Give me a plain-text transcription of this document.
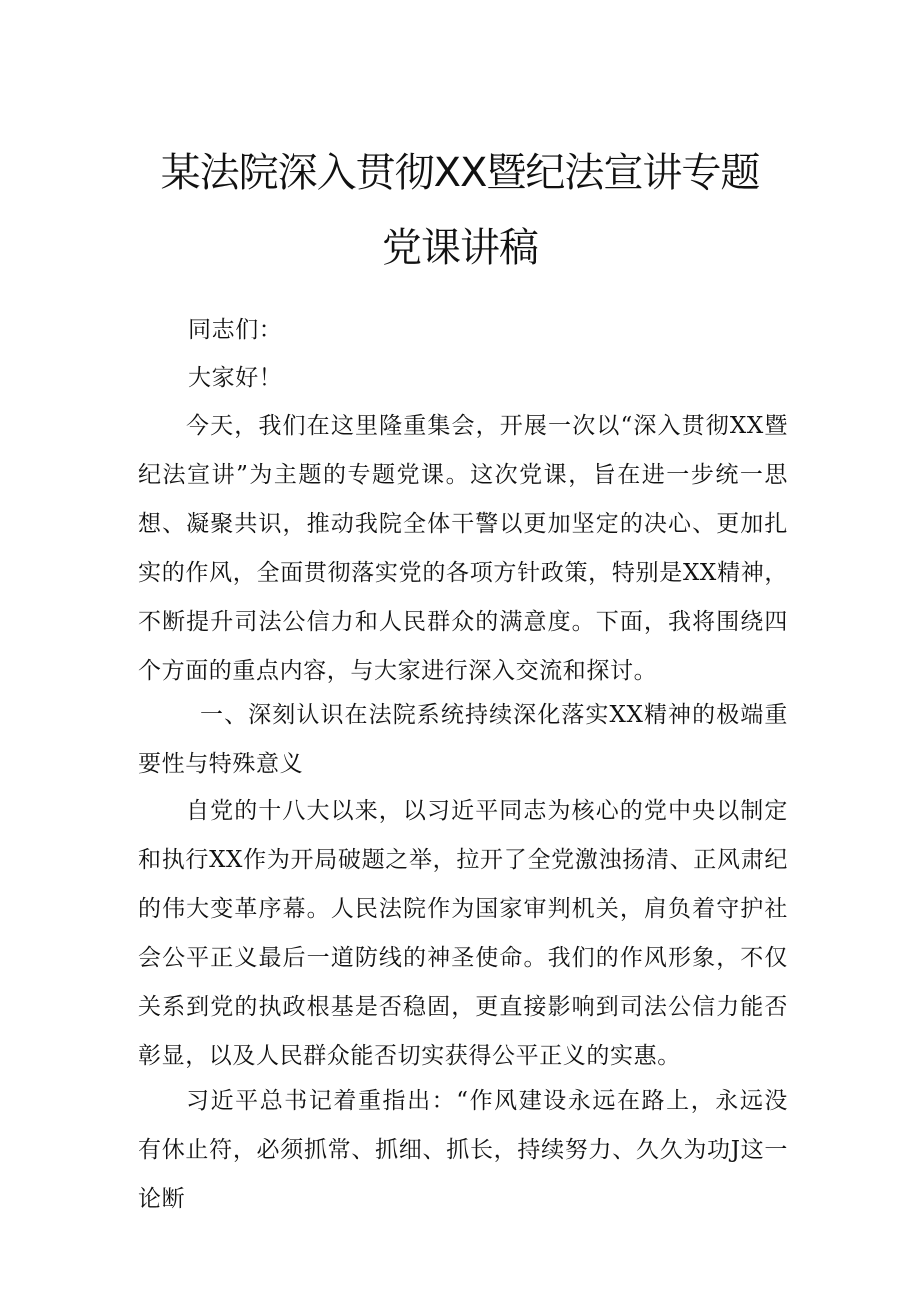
某法院深入贯彻XX暨纪法宣讲专题
党课讲稿
同志们：
大家好！

今天，我们在这里隆重集会，开展一次以“深入贯彻XX暨纪法宣讲”为主题的专题党课。这次党课，旨在进一步统一思想、凝聚共识，推动我院全体干警以更加坚定的决心、更加扎实的作风，全面贯彻落实党的各项方针政策，特别是XX精神，不断提升司法公信力和人民群众的满意度。下面，我将围绕四个方面的重点内容，与大家进行深入交流和探讨。

一、深刻认识在法院系统持续深化落实XX精神的极端重要性与特殊意义

自党的十八大以来，以习近平同志为核心的党中央以制定和执行XX作为开局破题之举，拉开了全党激浊扬清、正风肃纪的伟大变革序幕。人民法院作为国家审判机关，肩负着守护社会公平正义最后一道防线的神圣使命。我们的作风形象，不仅关系到党的执政根基是否稳固，更直接影响到司法公信力能否彰显，以及人民群众能否切实获得公平正义的实惠。

习近平总书记着重指出：“作风建设永远在路上，永远没有休止符，必须抓常、抓细、抓长，持续努力、久久为功J这一论断
